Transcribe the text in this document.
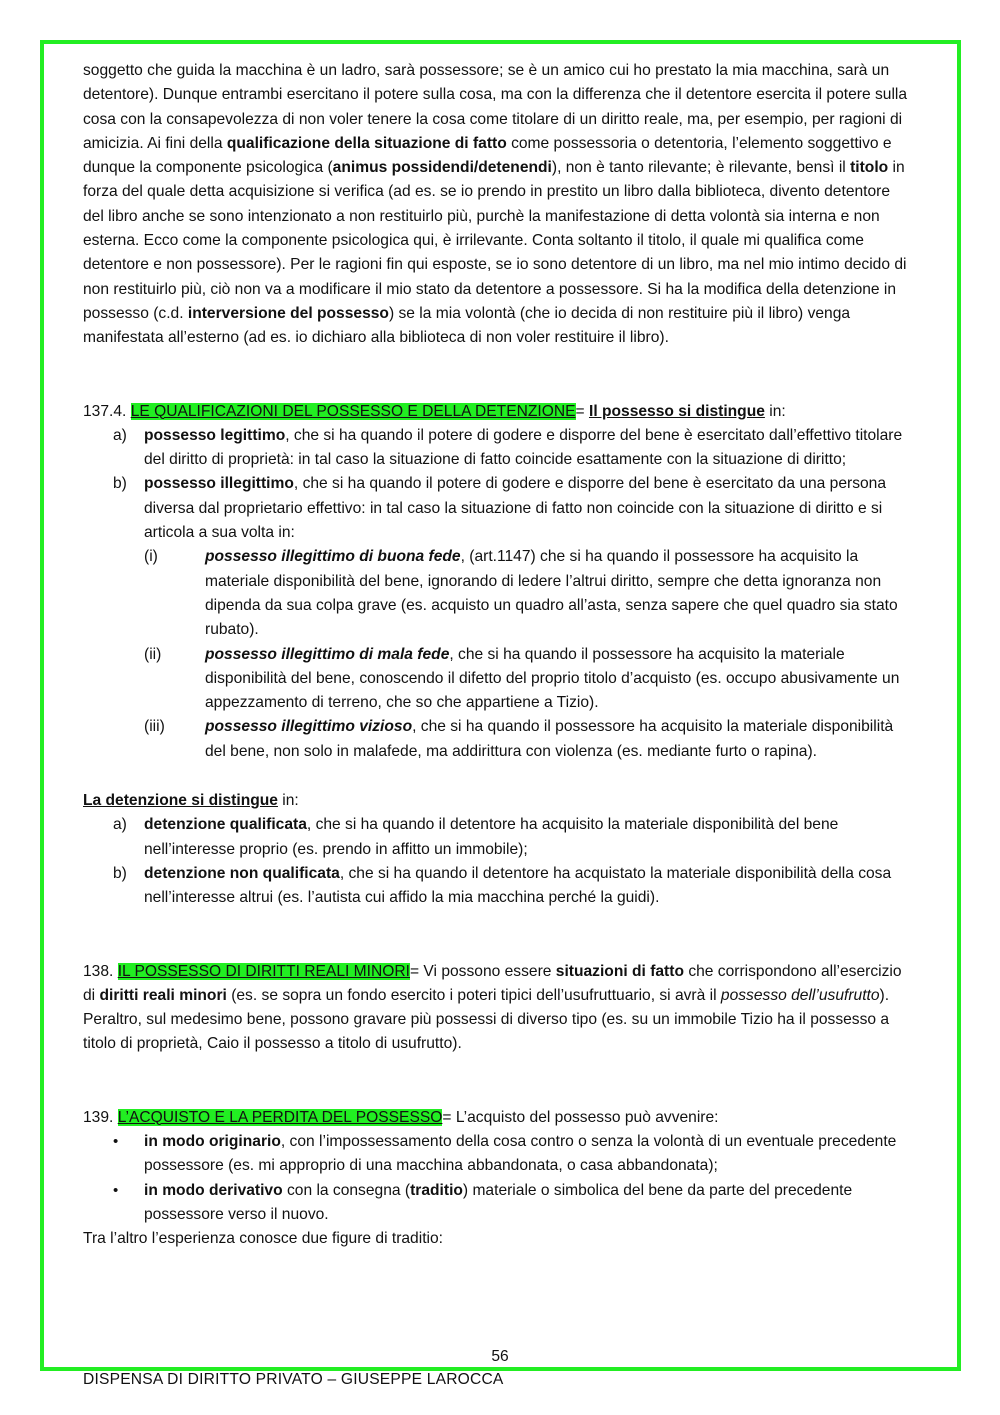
soggetto che guida la macchina è un ladro, sarà possessore; se è un amico cui ho prestato la mia macchina, sarà un detentore). Dunque entrambi esercitano il potere sulla cosa, ma con la differenza che il detentore esercita il potere sulla cosa con la consapevolezza di non voler tenere la cosa come titolare di un diritto reale, ma, per esempio, per ragioni di amicizia. Ai fini della qualificazione della situazione di fatto come possessoria o detentoria, l’elemento soggettivo e dunque la componente psicologica (animus possidendi/detenendi), non è tanto rilevante; è rilevante, bensì il titolo in forza del quale detta acquisizione si verifica (ad es. se io prendo in prestito un libro dalla biblioteca, divento detentore del libro anche se sono intenzionato a non restituirlo più, purchè la manifestazione di detta volontà sia interna e non esterna. Ecco come la componente psicologica qui, è irrilevante. Conta soltanto il titolo, il quale mi qualifica come detentore e non possessore). Per le ragioni fin qui esposte, se io sono detentore di un libro, ma nel mio intimo decido di non restituirlo più, ciò non va a modificare il mio stato da detentore a possessore. Si ha la modifica della detenzione in possesso (c.d. interversione del possesso) se la mia volontà (che io decida di non restituire più il libro) venga manifestata all’esterno (ad es. io dichiaro alla biblioteca di non voler restituire il libro).

137.4. LE QUALIFICAZIONI DEL POSSESSO E DELLA DETENZIONE= Il possesso si distingue in:

a) possesso legittimo, che si ha quando il potere di godere e disporre del bene è esercitato dall’effettivo titolare del diritto di proprietà: in tal caso la situazione di fatto coincide esattamente con la situazione di diritto;
b) possesso illegittimo, che si ha quando il potere di godere e disporre del bene è esercitato da una persona diversa dal proprietario effettivo: in tal caso la situazione di fatto non coincide con la situazione di diritto e si articola a sua volta in:
(i)	possesso illegittimo di buona fede, (art.1147) che si ha quando il possessore ha acquisito la materiale disponibilità del bene, ignorando di ledere l’altrui diritto, sempre che detta ignoranza non dipenda da sua colpa grave (es. acquisto un quadro all’asta, senza sapere che quel quadro sia stato rubato).
(ii)	possesso illegittimo di mala fede, che si ha quando il possessore ha acquisito la materiale disponibilità del bene, conoscendo il difetto del proprio titolo d’acquisto (es. occupo abusivamente un appezzamento di terreno, che so che appartiene a Tizio).
(iii)	possesso illegittimo vizioso, che si ha quando il possessore ha acquisito la materiale disponibilità del bene, non solo in malafede, ma addirittura con violenza (es. mediante furto o rapina).

La detenzione si distingue in:

a) detenzione qualificata, che si ha quando il detentore ha acquisito la materiale disponibilità del bene nell’interesse proprio (es. prendo in affitto un immobile);
b) detenzione non qualificata, che si ha quando il detentore ha acquistato la materiale disponibilità della cosa nell’interesse altrui (es. l’autista cui affido la mia macchina perché la guidi).

138. IL POSSESSO DI DIRITTI REALI MINORI= Vi possono essere situazioni di fatto che corrispondono all’esercizio di diritti reali minori (es. se sopra un fondo esercito i poteri tipici dell’usufruttuario, si avrà il possesso dell’usufrutto). Peraltro, sul medesimo bene, possono gravare più possessi di diverso tipo (es. su un immobile Tizio ha il possesso a titolo di proprietà, Caio il possesso a titolo di usufrutto).

139. L’ACQUISTO E LA PERDITA DEL POSSESSO= L’acquisto del possesso può avvenire:

• in modo originario, con l’impossessamento della cosa contro o senza la volontà di un eventuale precedente possessore (es. mi approprio di una macchina abbandonata, o casa abbandonata);
• in modo derivativo con la consegna (traditio) materiale o simbolica del bene da parte del precedente possessore verso il nuovo.

Tra l’altro l’esperienza conosce due figure di traditio:

56
DISPENSA DI DIRITTO PRIVATO – GIUSEPPE LAROCCA
